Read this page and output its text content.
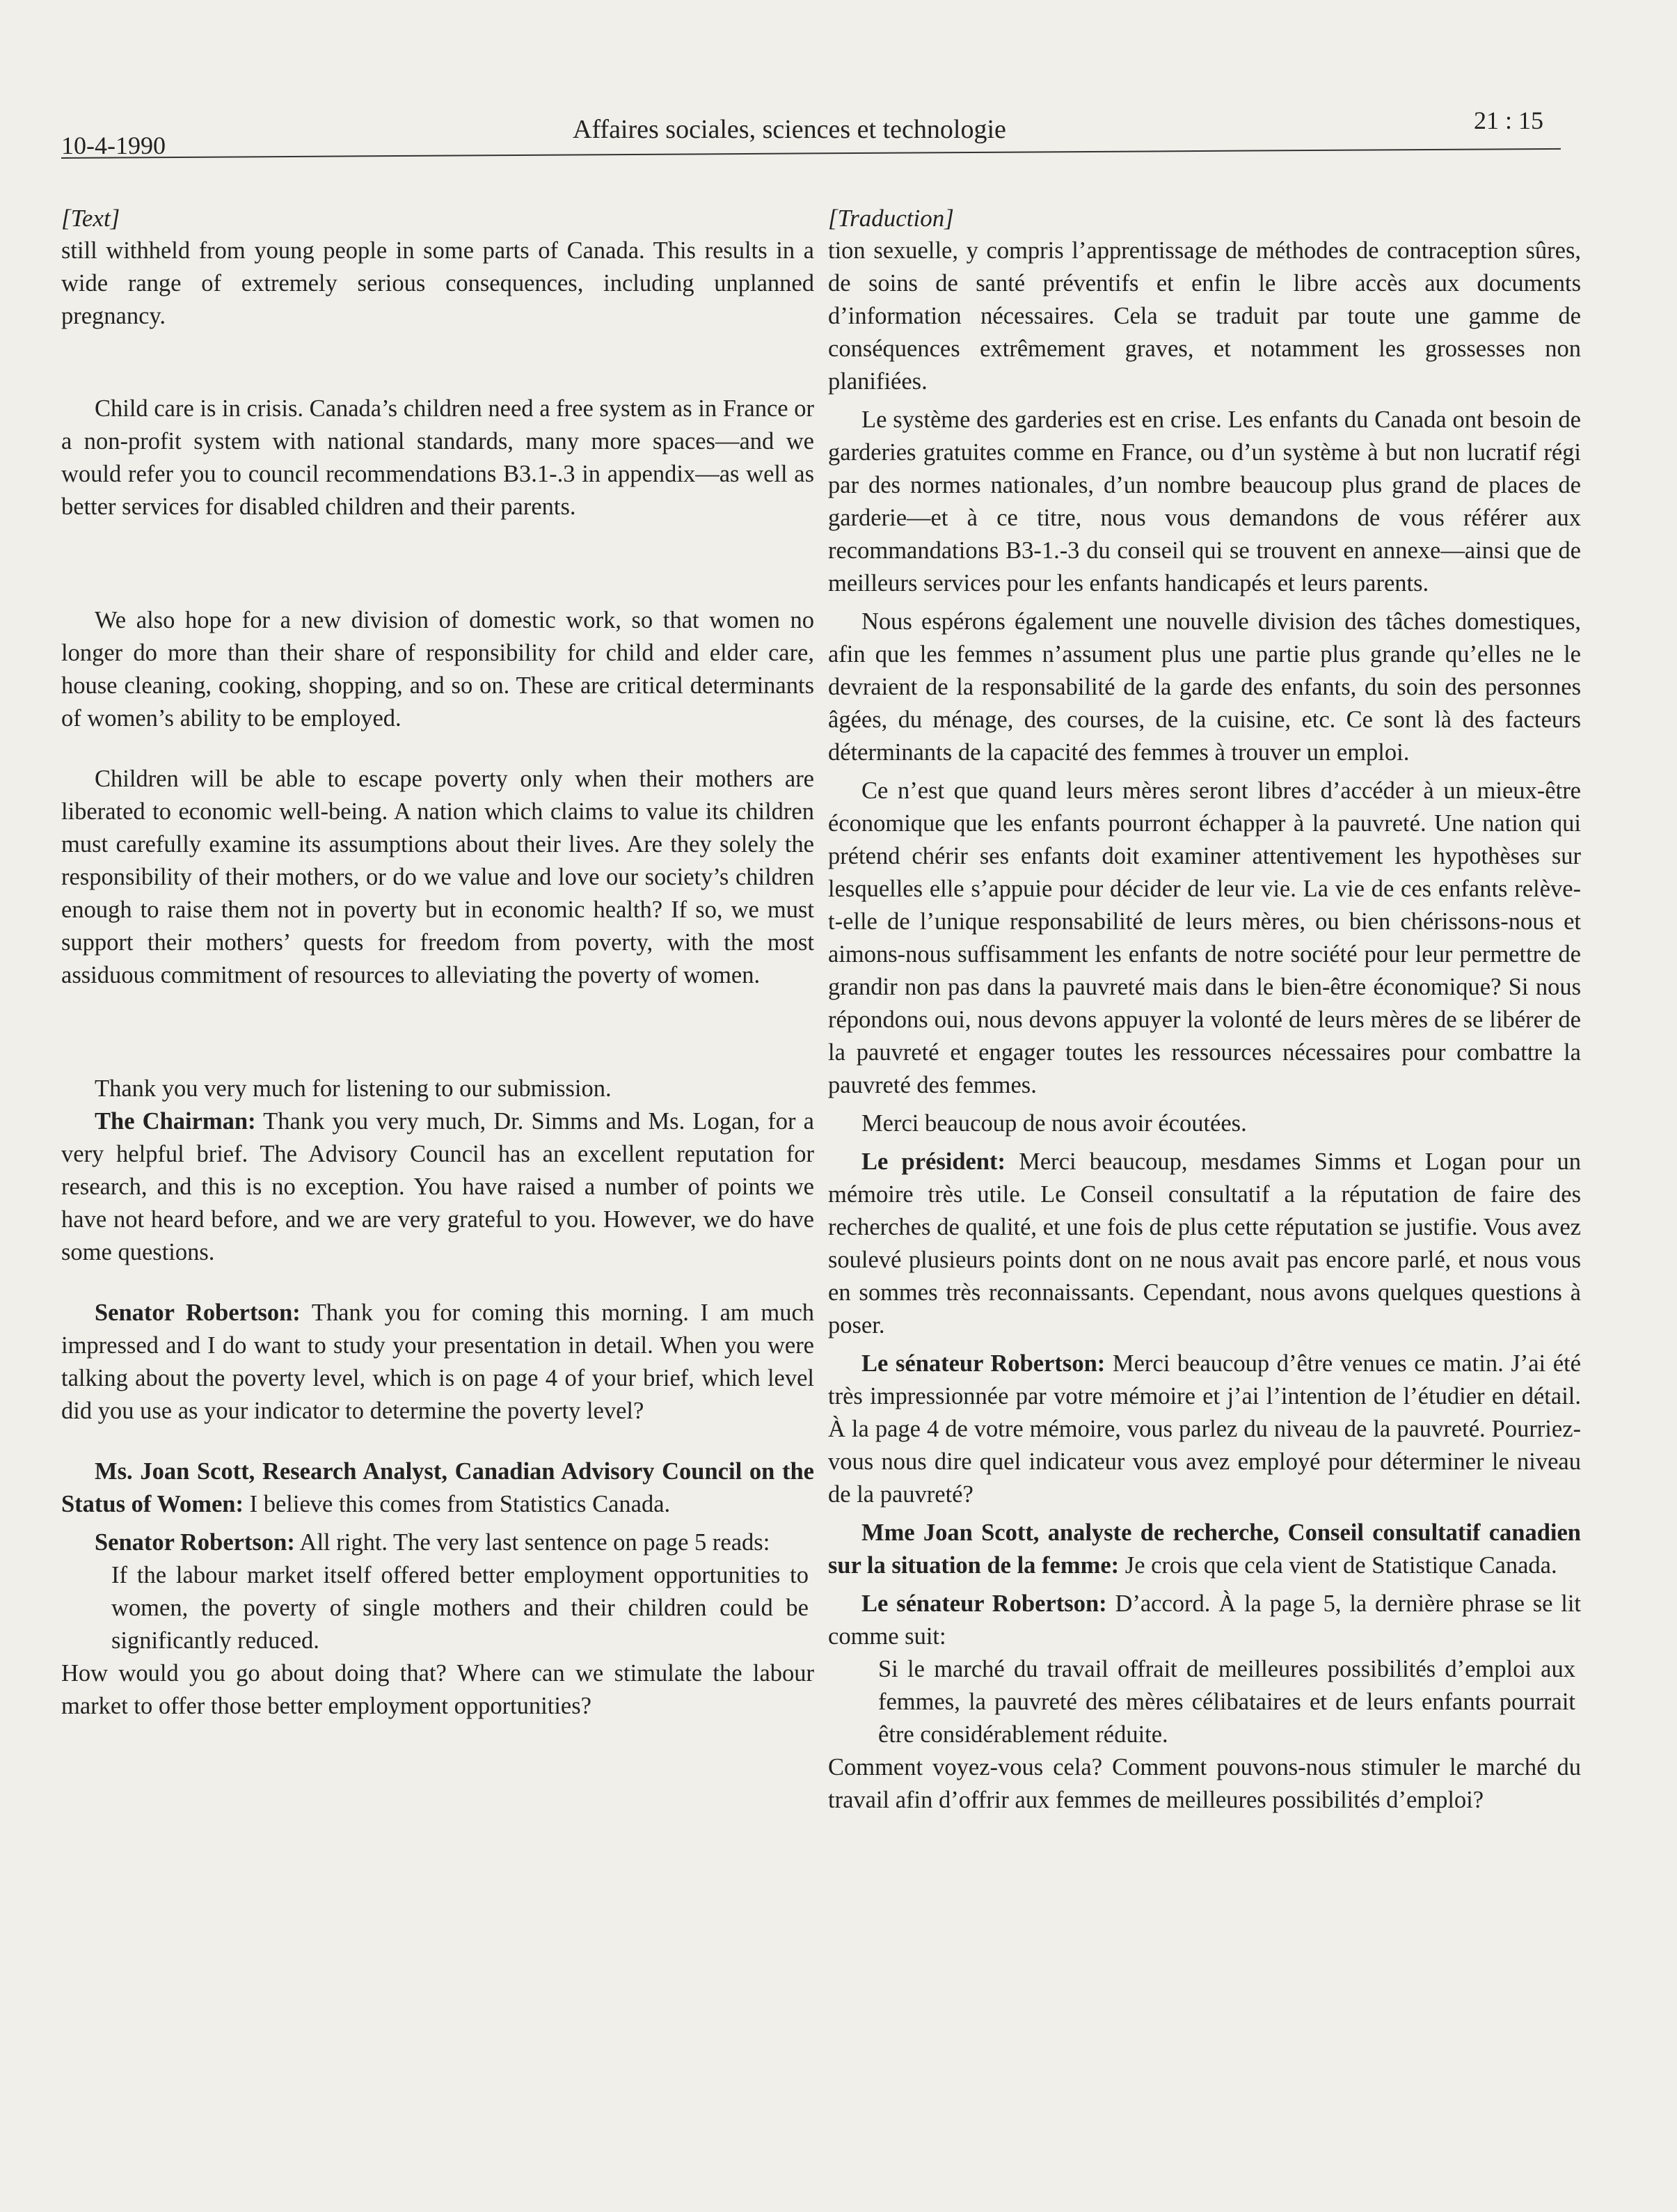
10-4-1990
Affaires sociales, sciences et technologie	21 : 15

[Text]

still withheld from young people in some parts of Canada. This results in a wide range of extremely serious consequences, including unplanned pregnancy.

Child care is in crisis. Canada’s children need a free system as in France or a non-profit system with national standards, many more spaces—and we would refer you to council recommendations B3.1-.3 in appendix—as well as better services for disabled children and their parents.

We also hope for a new division of domestic work, so that women no longer do more than their share of responsibility for child and elder care, house cleaning, cooking, shopping, and so on. These are critical determinants of women’s ability to be employed.

Children will be able to escape poverty only when their mothers are liberated to economic well-being. A nation which claims to value its children must carefully examine its assumptions about their lives. Are they solely the responsibility of their mothers, or do we value and love our society’s children enough to raise them not in poverty but in economic health? If so, we must support their mothers’ quests for freedom from poverty, with the most assiduous commitment of resources to alleviating the poverty of women.

Thank you very much for listening to our submission.

The Chairman: Thank you very much, Dr. Simms and Ms. Logan, for a very helpful brief. The Advisory Council has an excellent reputation for research, and this is no exception. You have raised a number of points we have not heard before, and we are very grateful to you. However, we do have some questions.

Senator Robertson: Thank you for coming this morning. I am much impressed and I do want to study your presentation in detail. When you were talking about the poverty level, which is on page 4 of your brief, which level did you use as your indicator to determine the poverty level?

Ms. Joan Scott, Research Analyst, Canadian Advisory Council on the Status of Women: I believe this comes from Statistics Canada.

Senator Robertson: All right. The very last sentence on page 5 reads:

If the labour market itself offered better employment opportunities to women, the poverty of single mothers and their children could be significantly reduced.

How would you go about doing that? Where can we stimulate the labour market to offer those better employment opportunities?

[Traduction]

tion sexuelle, y compris l’apprentissage de méthodes de contraception sûres, de soins de santé préventifs et enfin le libre accès aux documents d’information nécessaires. Cela se traduit par toute une gamme de conséquences extrêmement graves, et notamment les grossesses non planifiées.

Le système des garderies est en crise. Les enfants du Canada ont besoin de garderies gratuites comme en France, ou d’un système à but non lucratif régi par des normes nationales, d’un nombre beaucoup plus grand de places de garderie—et à ce titre, nous vous demandons de vous référer aux recommandations B3-1.-3 du conseil qui se trouvent en annexe—ainsi que de meilleurs services pour les enfants handicapés et leurs parents.

Nous espérons également une nouvelle division des tâches domestiques, afin que les femmes n’assument plus une partie plus grande qu’elles ne le devraient de la responsabilité de la garde des enfants, du soin des personnes âgées, du ménage, des courses, de la cuisine, etc. Ce sont là des facteurs déterminants de la capacité des femmes à trouver un emploi.

Ce n’est que quand leurs mères seront libres d’accéder à un mieux-être économique que les enfants pourront échapper à la pauvreté. Une nation qui prétend chérir ses enfants doit examiner attentivement les hypothèses sur lesquelles elle s’appuie pour décider de leur vie. La vie de ces enfants relève-t-elle de l’unique responsabilité de leurs mères, ou bien chérissons-nous et aimons-nous suffisamment les enfants de notre société pour leur permettre de grandir non pas dans la pauvreté mais dans le bien-être économique? Si nous répondons oui, nous devons appuyer la volonté de leurs mères de se libérer de la pauvreté et engager toutes les ressources nécessaires pour combattre la pauvreté des femmes.

Merci beaucoup de nous avoir écoutées.

Le président: Merci beaucoup, mesdames Simms et Logan pour un mémoire très utile. Le Conseil consultatif a la réputation de faire des recherches de qualité, et une fois de plus cette réputation se justifie. Vous avez soulevé plusieurs points dont on ne nous avait pas encore parlé, et nous vous en sommes très reconnaissants. Cependant, nous avons quelques questions à poser.

Le sénateur Robertson: Merci beaucoup d’être venues ce matin. J’ai été très impressionnée par votre mémoire et j’ai l’intention de l’étudier en détail. À la page 4 de votre mémoire, vous parlez du niveau de la pauvreté. Pourriez-vous nous dire quel indicateur vous avez employé pour déterminer le niveau de la pauvreté?

Mme Joan Scott, analyste de recherche, Conseil consultatif canadien sur la situation de la femme: Je crois que cela vient de Statistique Canada.

Le sénateur Robertson: D’accord. À la page 5, la dernière phrase se lit comme suit:

Si le marché du travail offrait de meilleures possibilités d’emploi aux femmes, la pauvreté des mères célibataires et de leurs enfants pourrait être considérablement réduite.

Comment voyez-vous cela? Comment pouvons-nous stimuler le marché du travail afin d’offrir aux femmes de meilleures possibilités d’emploi?
